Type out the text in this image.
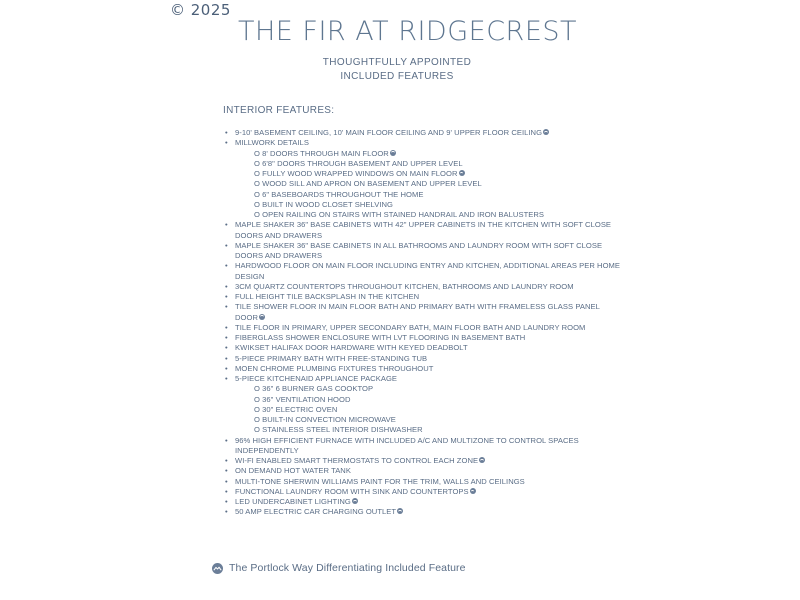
© 2025
THE FIR AT RIDGECREST
THOUGHTFULLY APPOINTED
INCLUDED FEATURES
INTERIOR FEATURES:
• 9-10' BASEMENT CEILING, 10' MAIN FLOOR CEILING AND 9' UPPER FLOOR CEILING
• MILLWORK DETAILS
O 8' DOORS THROUGH MAIN FLOOR
O 6'8" DOORS THROUGH BASEMENT AND UPPER LEVEL
O FULLY WOOD WRAPPED WINDOWS ON MAIN FLOOR
O WOOD SILL AND APRON ON BASEMENT AND UPPER LEVEL
O 6" BASEBOARDS THROUGHOUT THE HOME
O BUILT IN WOOD CLOSET SHELVING
O OPEN RAILING ON STAIRS WITH STAINED HANDRAIL AND IRON BALUSTERS
• MAPLE SHAKER 36" BASE CABINETS WITH 42" UPPER CABINETS IN THE KITCHEN WITH SOFT CLOSE DOORS AND DRAWERS
• MAPLE SHAKER 36" BASE CABINETS IN ALL BATHROOMS AND LAUNDRY ROOM WITH SOFT CLOSE DOORS AND DRAWERS
• HARDWOOD FLOOR ON MAIN FLOOR INCLUDING ENTRY AND KITCHEN, ADDITIONAL AREAS PER HOME DESIGN
• 3CM QUARTZ COUNTERTOPS THROUGHOUT KITCHEN, BATHROOMS AND LAUNDRY ROOM
• FULL HEIGHT TILE BACKSPLASH IN THE KITCHEN
• TILE SHOWER FLOOR IN MAIN FLOOR BATH AND PRIMARY BATH WITH FRAMELESS GLASS PANEL DOOR
• TILE FLOOR IN PRIMARY, UPPER SECONDARY BATH, MAIN FLOOR BATH AND LAUNDRY ROOM
• FIBERGLASS SHOWER ENCLOSURE WITH LVT FLOORING IN BASEMENT BATH
• KWIKSET HALIFAX DOOR HARDWARE WITH KEYED DEADBOLT
• 5-PIECE PRIMARY BATH WITH FREE-STANDING TUB
• MOEN CHROME PLUMBING FIXTURES THROUGHOUT
• 5-PIECE KITCHENAID APPLIANCE PACKAGE
O 36" 6 BURNER GAS COOKTOP
O 36" VENTILATION HOOD
O 30" ELECTRIC OVEN
O BUILT-IN CONVECTION MICROWAVE
O STAINLESS STEEL INTERIOR DISHWASHER
• 96% HIGH EFFICIENT FURNACE WITH INCLUDED A/C AND MULTIZONE TO CONTROL SPACES INDEPENDENTLY
• WI-FI ENABLED SMART THERMOSTATS TO CONTROL EACH ZONE
• ON DEMAND HOT WATER TANK
• MULTI-TONE SHERWIN WILLIAMS PAINT FOR THE TRIM, WALLS AND CEILINGS
• FUNCTIONAL LAUNDRY ROOM WITH SINK AND COUNTERTOPS
• LED UNDERCABINET LIGHTING
• 50 AMP ELECTRIC CAR CHARGING OUTLET
The Portlock Way Differentiating Included Feature
